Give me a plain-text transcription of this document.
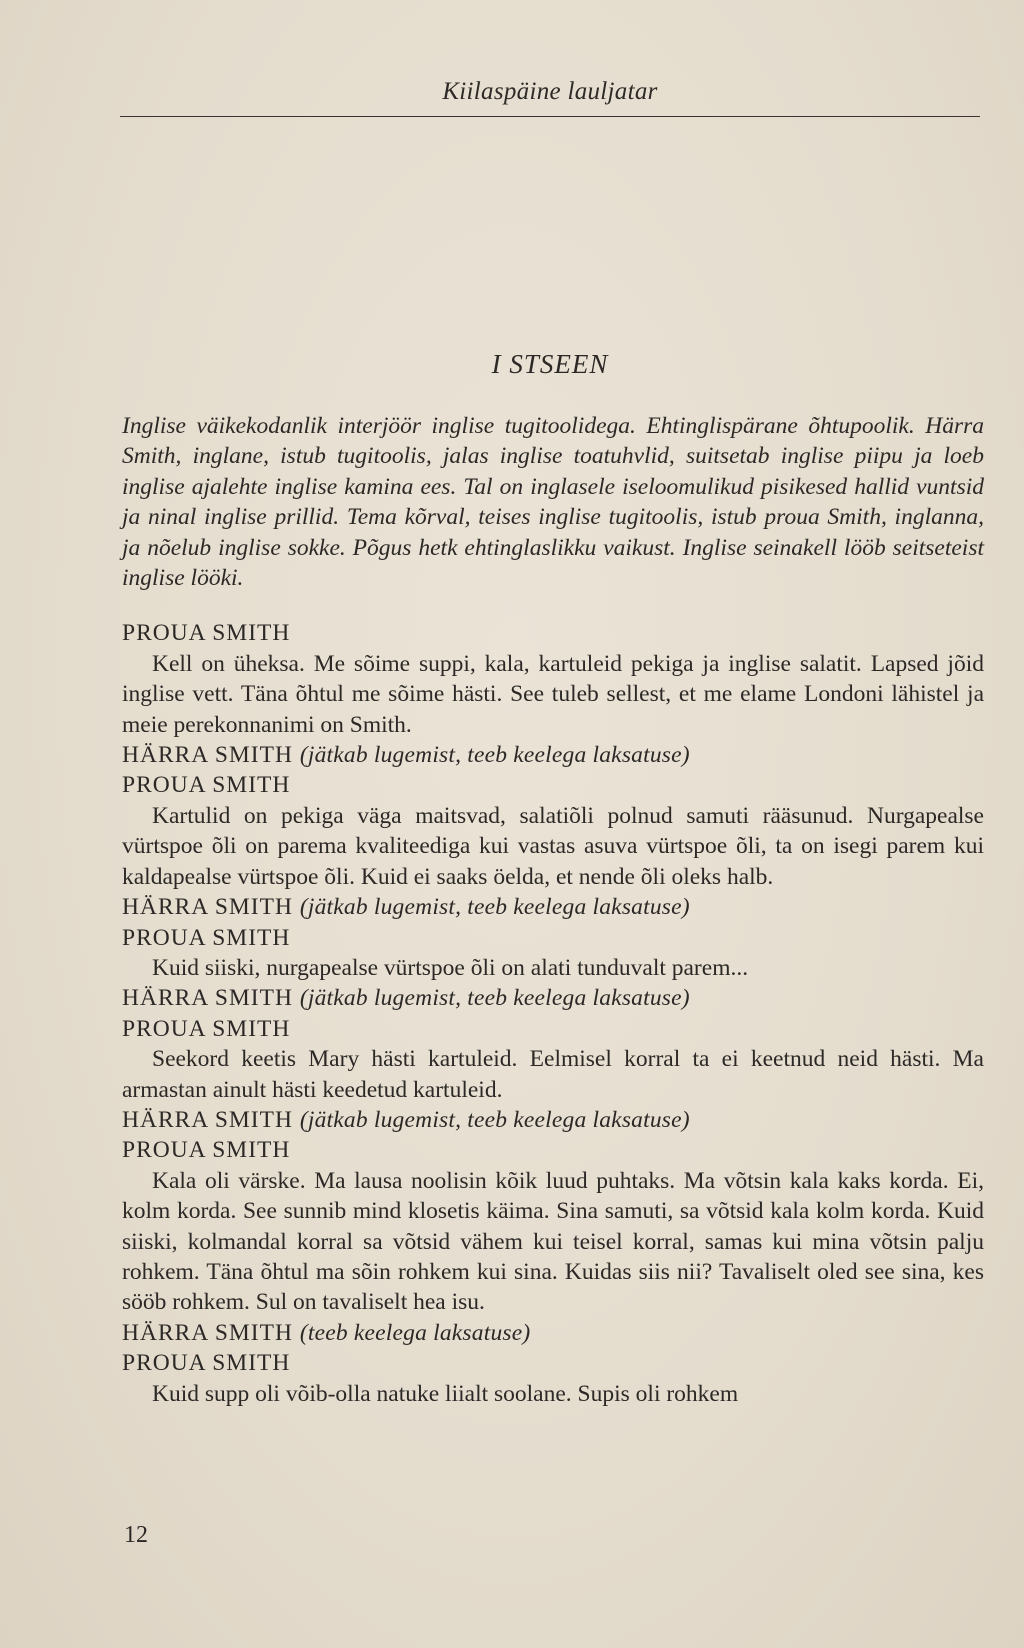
Kiilaspäine lauljatar
I STSEEN

Inglise väikekodanlik interjöör inglise tugitoolidega. Ehtinglispärane õhtupoolik. Härra Smith, inglane, istub tugitoolis, jalas inglise toatuhvlid, suitsetab inglise piipu ja loeb inglise ajalehte inglise kamina ees. Tal on inglasele iseloomulikud pisikesed hallid vuntsid ja ninal inglise prillid. Tema kõrval, teises inglise tugitoolis, istub proua Smith, inglanna, ja nõelub inglise sokke. Põgus hetk ehtinglaslikku vaikust. Inglise seinakell lööb seitseteist inglise lööki.

PROUA SMITH

Kell on üheksa. Me sõime suppi, kala, kartuleid pekiga ja inglise salatit. Lapsed jõid inglise vett. Täna õhtul me sõime hästi. See tuleb sellest, et me elame Londoni lähistel ja meie perekonnanimi on Smith.

HÄRRA SMITH (jätkab lugemist, teeb keelega laksatuse)
PROUA SMITH

Kartulid on pekiga väga maitsvad, salatiõli polnud samuti rääsunud. Nurgapealse vürtspoe õli on parema kvaliteediga kui vastas asuva vürtspoe õli, ta on isegi parem kui kaldapealse vürtspoe õli. Kuid ei saaks öelda, et nende õli oleks halb.

HÄRRA SMITH (jätkab lugemist, teeb keelega laksatuse)
PROUA SMITH

Kuid siiski, nurgapealse vürtspoe õli on alati tunduvalt parem...

HÄRRA SMITH (jätkab lugemist, teeb keelega laksatuse)
PROUA SMITH

Seekord keetis Mary hästi kartuleid. Eelmisel korral ta ei keetnud neid hästi. Ma armastan ainult hästi keedetud kartuleid.

HÄRRA SMITH (jätkab lugemist, teeb keelega laksatuse)
PROUA SMITH

Kala oli värske. Ma lausa noolisin kõik luud puhtaks. Ma võtsin kala kaks korda. Ei, kolm korda. See sunnib mind klosetis käima. Sina samuti, sa võtsid kala kolm korda. Kuid siiski, kolmandal korral sa võtsid vähem kui teisel korral, samas kui mina võtsin palju rohkem. Täna õhtul ma sõin rohkem kui sina. Kuidas siis nii? Tavaliselt oled see sina, kes sööb rohkem. Sul on tavaliselt hea isu.

HÄRRA SMITH (teeb keelega laksatuse)
PROUA SMITH

Kuid supp oli võib-olla natuke liialt soolane. Supis oli rohkem

12
